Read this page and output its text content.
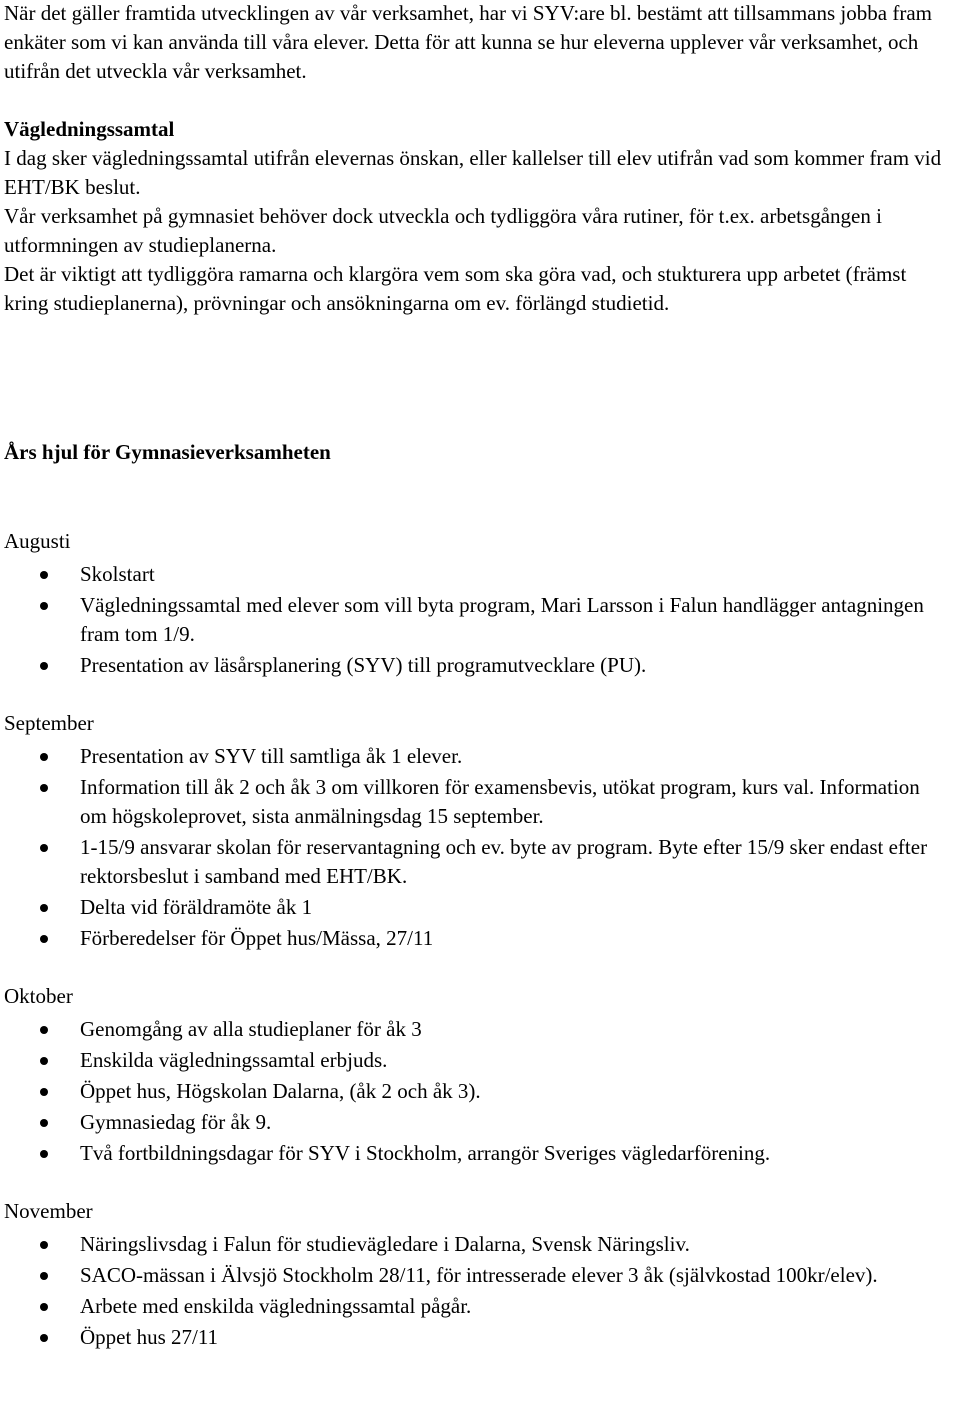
När det gäller framtida utvecklingen av vår verksamhet, har vi SYV:are bl. bestämt att tillsammans jobba fram enkäter som vi kan använda till våra elever. Detta för att kunna se hur eleverna upplever vår verksamhet, och utifrån det utveckla vår verksamhet.

Vägledningssamtal

I dag sker vägledningssamtal utifrån elevernas önskan, eller kallelser till elev utifrån vad som kommer fram vid EHT/BK beslut.

Vår verksamhet på gymnasiet behöver dock utveckla och tydliggöra våra rutiner, för t.ex. arbetsgången i utformningen av studieplanerna.

Det är viktigt att tydliggöra ramarna och klargöra vem som ska göra vad, och stukturera upp arbetet (främst kring studieplanerna), prövningar och ansökningarna om ev. förlängd studietid.

Års hjul för Gymnasieverksamheten

Augusti

Skolstart
Vägledningssamtal med elever som vill byta program, Mari Larsson i Falun handlägger antagningen fram tom 1/9.
Presentation av läsårsplanering (SYV) till programutvecklare (PU).

September

Presentation av SYV till samtliga åk 1 elever.
Information till åk 2 och åk 3 om villkoren för examensbevis, utökat program, kurs val. Information om högskoleprovet, sista anmälningsdag 15 september.
1-15/9 ansvarar skolan för reservantagning och ev. byte av program. Byte efter 15/9 sker endast efter rektorsbeslut i samband med EHT/BK.
Delta vid föräldramöte åk 1
Förberedelser för Öppet hus/Mässa, 27/11

Oktober

Genomgång av alla studieplaner för åk 3
Enskilda vägledningssamtal erbjuds.
Öppet hus, Högskolan Dalarna, (åk 2 och åk 3).
Gymnasiedag för åk 9.
Två fortbildningsdagar för SYV i Stockholm, arrangör Sveriges vägledarförening.

November

Näringslivsdag i Falun för studievägledare i Dalarna, Svensk Näringsliv.
SACO-mässan i Älvsjö Stockholm 28/11, för intresserade elever 3 åk (självkostad 100kr/elev).
Arbete med enskilda vägledningssamtal pågår.
Öppet hus 27/11
